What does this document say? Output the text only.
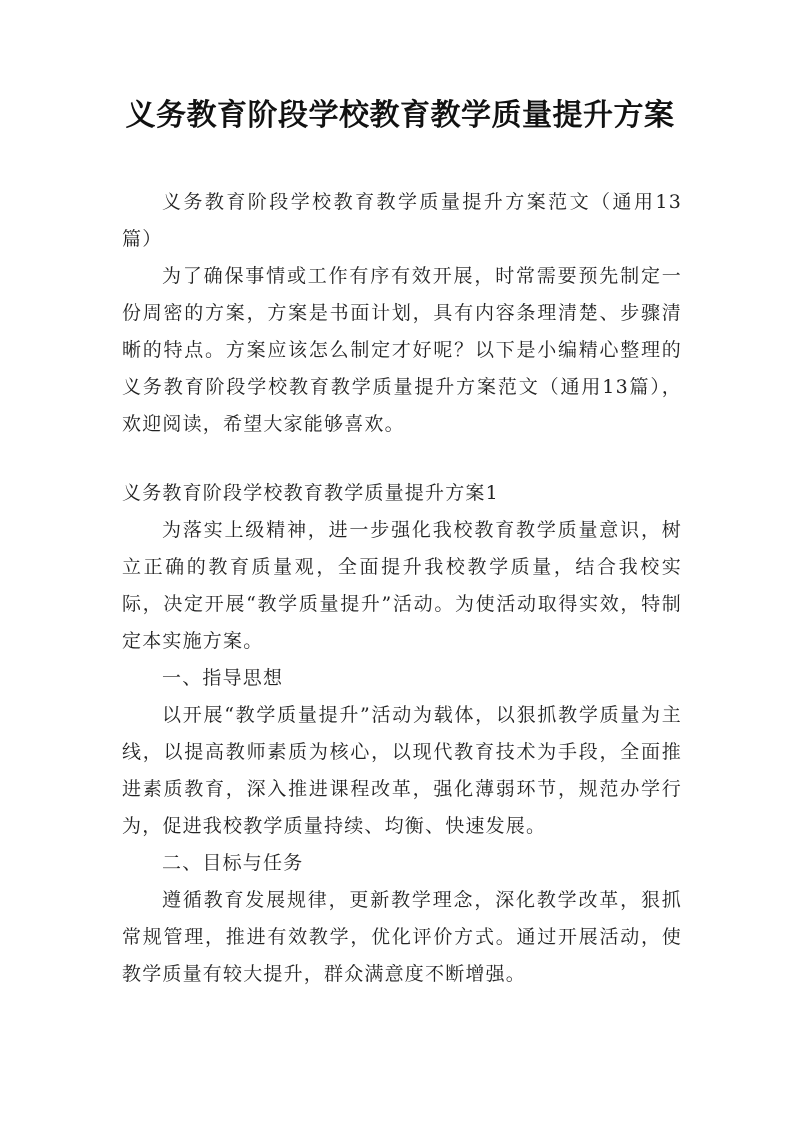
义务教育阶段学校教育教学质量提升方案

义务教育阶段学校教育教学质量提升方案范文（通用13篇）

为了确保事情或工作有序有效开展，时常需要预先制定一份周密的方案，方案是书面计划，具有内容条理清楚、步骤清晰的特点。方案应该怎么制定才好呢？以下是小编精心整理的义务教育阶段学校教育教学质量提升方案范文（通用13篇），欢迎阅读，希望大家能够喜欢。

义务教育阶段学校教育教学质量提升方案1

为落实上级精神，进一步强化我校教育教学质量意识，树立正确的教育质量观，全面提升我校教学质量，结合我校实际，决定开展“教学质量提升”活动。为使活动取得实效，特制定本实施方案。

一、指导思想

以开展“教学质量提升”活动为载体，以狠抓教学质量为主线，以提高教师素质为核心，以现代教育技术为手段，全面推进素质教育，深入推进课程改革，强化薄弱环节，规范办学行为，促进我校教学质量持续、均衡、快速发展。

二、目标与任务

遵循教育发展规律，更新教学理念，深化教学改革，狠抓常规管理，推进有效教学，优化评价方式。通过开展活动，使教学质量有较大提升，群众满意度不断增强。
